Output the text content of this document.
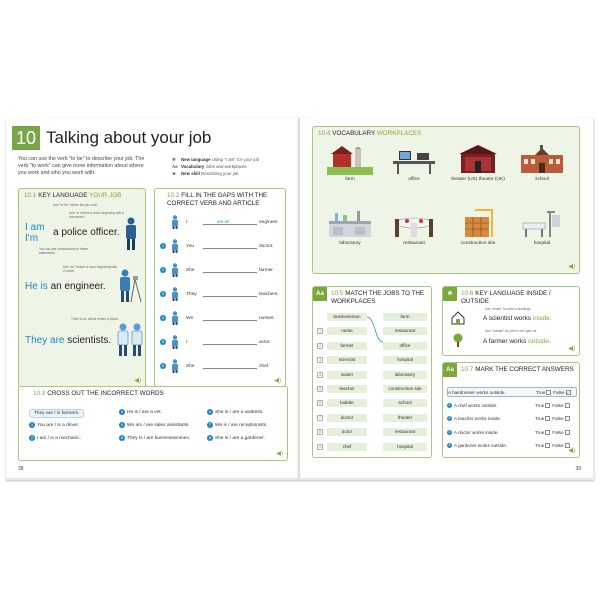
10 Talking about your job
You can use the verb "to be" to describe your job. The verb "to work" can give more information about where you work and who you work with.
✲ New language Using "I am" for your job
Aa Vocabulary Jobs and workplaces
★ New skill Describing your job
10.1 KEY LANGUAGE YOUR JOB
Use "to be" before the job noun.
Use "a" before a noun beginning with a consonant.
I am
I'm
a police officer.
You can use contractions for these statements.
Use "an" before a noun beginning with a vowel.
He is an engineer.
There is no article before a plural.
They are scientists.
◀)
10.2 FILL IN THE GAPS WITH THE CORRECT VERB AND ARTICLE
I	am an	engineer.
1	You	doctor.
2	She	farmer.
3	They	teachers.
4	We	nurses.
5	I	actor.
6	She	chef.
◀)
10.3 CROSS OUT THE INCORRECT WORDS
They are / is farmers.
1 You are / is a driver.
2 I am / is a mechanic.
3 He is / are a vet.
4 We am / are sales assistants.
5 They is / are businesswomen.
6 She is / are a waitress.
7 We is / are receptionists.
8 She is / are a gardener.
◀)
38
10.4 VOCABULARY WORKPLACES
farm	office	theater (US) theatre (UK)	school
laboratory	restaurant	construction site	hospital
◀)
Aa	10.5 MATCH THE JOBS TO THE WORKPLACES
businessman	farm
1	nurse	restaurant
2	farmer	office
3	scientist	hospital
4	waiter	laboratory
5	teacher	construction site
6	builder	school
7	doctor	theater
8	actor	restaurant
9	chef	hospital
✲	10.6 KEY LANGUAGE INSIDE / OUTSIDE
Use "inside" for jobs in buildings.
A scientist works inside.
Use "outside" for jobs in the open air.
A farmer works outside.
◀)
Aa	10.7 MARK THE CORRECT ANSWERS
A hairdresser works outside.	True False ✓
1 A chef works outside.	True False
2 A teacher works inside.	True False
3 A doctor works inside.	True False
4 A gardener works outside.	True False
◀)
39
